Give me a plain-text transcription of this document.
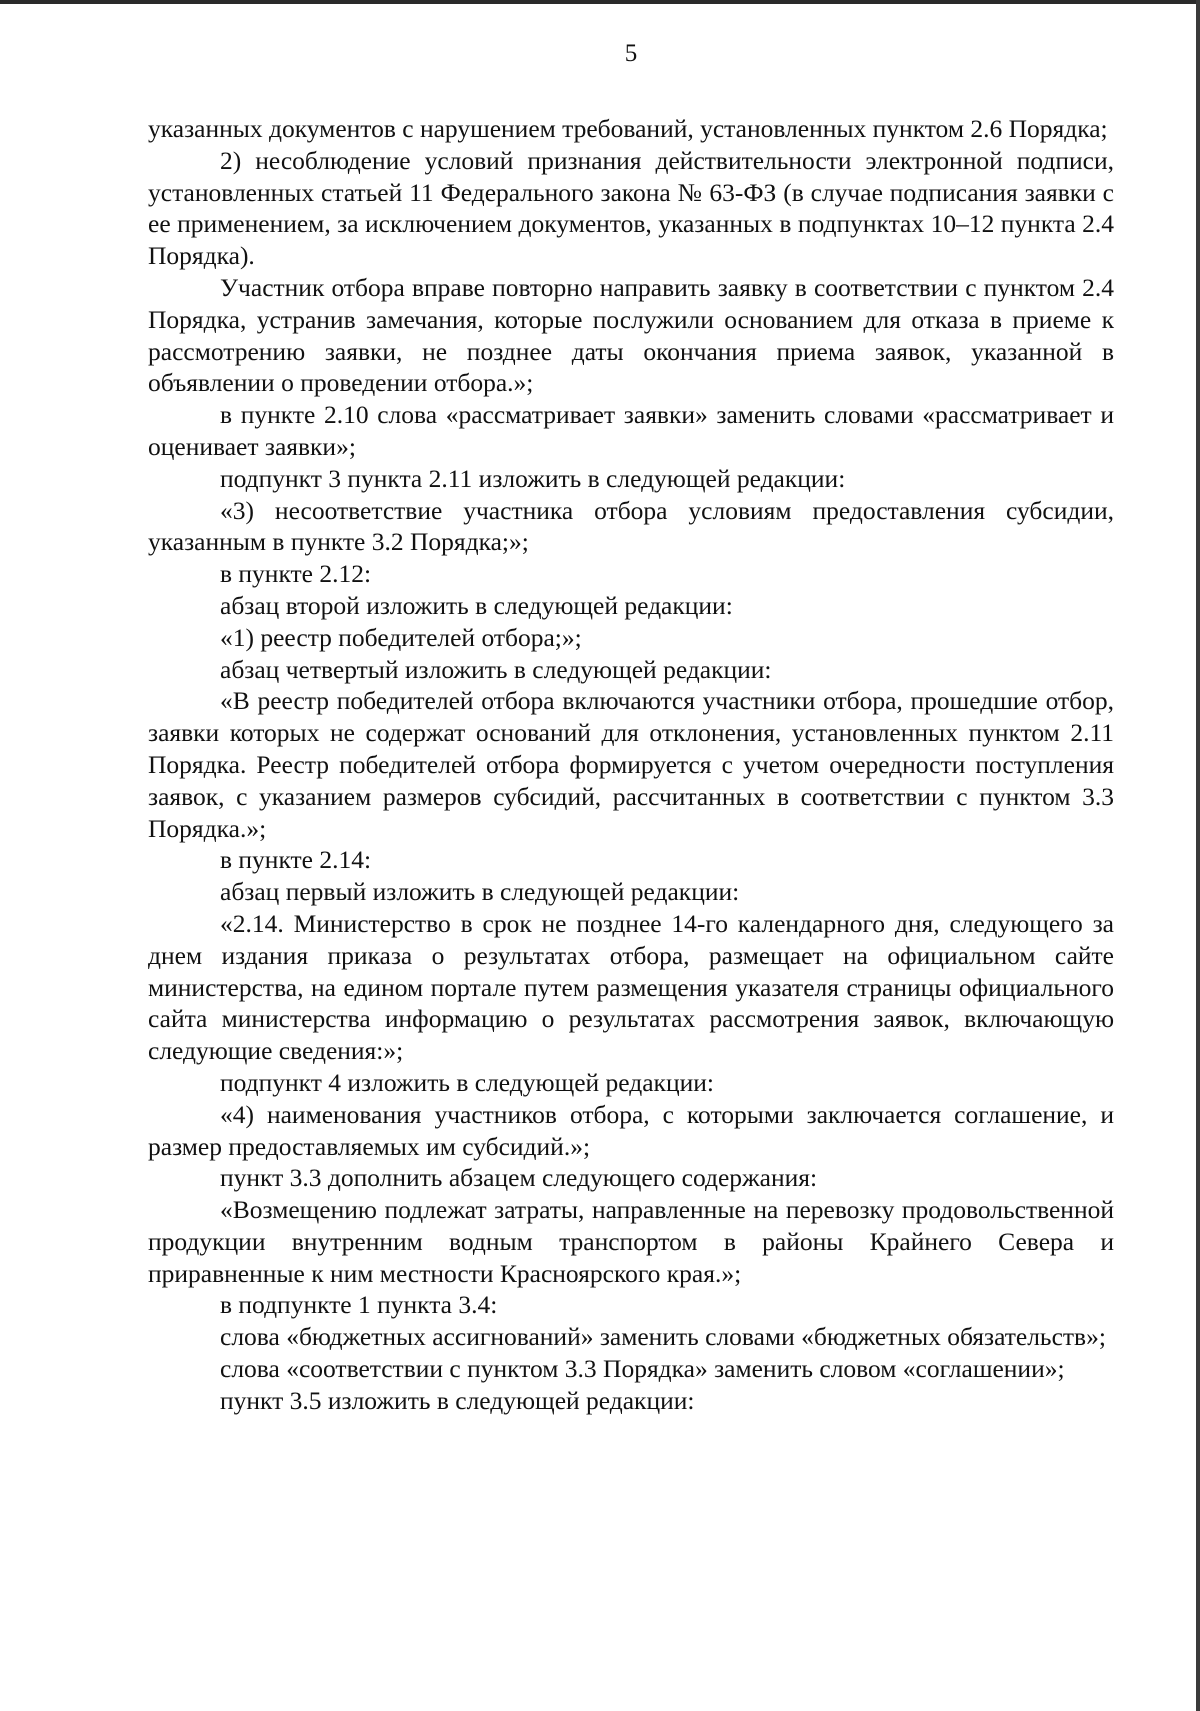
5

указанных документов с нарушением требований, установленных пунктом 2.6 Порядка;

2) несоблюдение условий признания действительности электронной подписи, установленных статьей 11 Федерального закона № 63-ФЗ (в случае подписания заявки с ее применением, за исключением документов, указанных в подпунктах 10–12 пункта 2.4 Порядка).

Участник отбора вправе повторно направить заявку в соответствии с пунктом 2.4 Порядка, устранив замечания, которые послужили основанием для отказа в приеме к рассмотрению заявки, не позднее даты окончания приема заявок, указанной в объявлении о проведении отбора.»;

в пункте 2.10 слова «рассматривает заявки» заменить словами «рассматривает и оценивает заявки»;

подпункт 3 пункта 2.11 изложить в следующей редакции:

«3) несоответствие участника отбора условиям предоставления субсидии, указанным в пункте 3.2 Порядка;»;

в пункте 2.12:

абзац второй изложить в следующей редакции:

«1) реестр победителей отбора;»;

абзац четвертый изложить в следующей редакции:

«В реестр победителей отбора включаются участники отбора, прошедшие отбор, заявки которых не содержат оснований для отклонения, установленных пунктом 2.11 Порядка. Реестр победителей отбора формируется с учетом очередности поступления заявок, с указанием размеров субсидий, рассчитанных в соответствии с пунктом 3.3 Порядка.»;

в пункте 2.14:

абзац первый изложить в следующей редакции:

«2.14. Министерство в срок не позднее 14-го календарного дня, следующего за днем издания приказа о результатах отбора, размещает на официальном сайте министерства, на едином портале путем размещения указателя страницы официального сайта министерства информацию о результатах рассмотрения заявок, включающую следующие сведения:»;

подпункт 4 изложить в следующей редакции:

«4) наименования участников отбора, с которыми заключается соглашение, и размер предоставляемых им субсидий.»;

пункт 3.3 дополнить абзацем следующего содержания:

«Возмещению подлежат затраты, направленные на перевозку продовольственной продукции внутренним водным транспортом в районы Крайнего Севера и приравненные к ним местности Красноярского края.»;

в подпункте 1 пункта 3.4:

слова «бюджетных ассигнований» заменить словами «бюджетных обязательств»;

слова «соответствии с пунктом 3.3 Порядка» заменить словом «соглашении»;

пункт 3.5 изложить в следующей редакции:
